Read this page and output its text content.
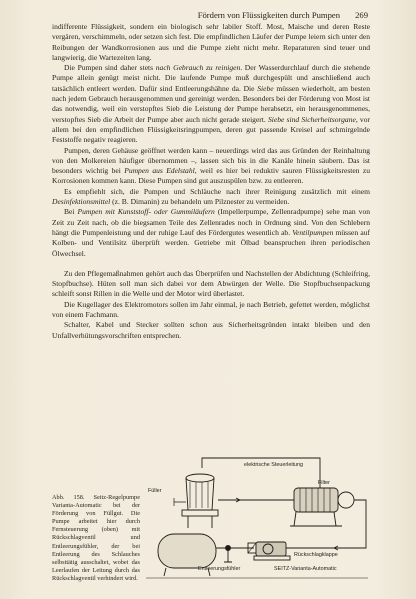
Fördern von Flüssigkeiten durch Pumpen 269

indifferente Flüssigkeit, sondern ein biologisch sehr labiler Stoff. Most, Maische und deren Reste vergären, verschimmeln, oder setzen sich fest. Die empfindlichen Läufer der Pumpe leiern sich unter den Reibungen der Wandkorrosionen aus und die Pumpe zieht nicht mehr. Reparaturen sind teuer und langwierig, die Wartezeiten lang.

Die Pumpen sind daher stets nach Gebrauch zu reinigen. Der Wasserdurchlauf durch die stehende Pumpe allein genügt meist nicht. Die laufende Pumpe muß durchgespült und anschließend auch tatsächlich entleert werden. Dafür sind Entleerungshähne da. Die Siebe müssen wiederholt, am besten nach jedem Gebrauch herausgenommen und gereinigt werden. Besonders bei der Förderung von Most ist das notwendig, weil ein verstopftes Sieb die Leistung der Pumpe herabsetzt, ein herausgenommenes, verstopftes Sieb die Arbeit der Pumpe aber auch nicht gerade steigert. Siebe sind Sicherheitsorgane, vor allem bei den empfindlichen Flüssigkeitsringpumpen, deren gut passende Kreisel auf schmirgelnde Feststoffe negativ reagieren.

Pumpen, deren Gehäuse geöffnet werden kann – neuerdings wird das aus Gründen der Reinhaltung von den Molkereien häufiger übernommen –, lassen sich bis in die Kanäle hinein säubern. Das ist besonders wichtig bei Pumpen aus Edelstahl, weil es hier bei reduktiv sauren Flüssigkeitsresten zu Korrosionen kommen kann. Diese Pumpen sind gut auszuspülen bzw. zu entleeren.

Es empfiehlt sich, die Pumpen und Schläuche nach ihrer Reinigung zusätzlich mit einem Desinfektionsmittel (z. B. Dimanin) zu behandeln um Pilznester zu vermeiden.

Bei Pumpen mit Kunststoff- oder Gummiläufern (Impellerpumpe, Zellenradpumpe) sehe man von Zeit zu Zeit nach, ob die biegsamen Teile des Zellenrades noch in Ordnung sind. Von den Schlebern hängt die Pumpenleistung und der ruhige Lauf des Fördergutes wesentlich ab. Ventilpumpen müssen auf Kolben- und Ventilsitz überprüft werden. Getriebe mit Ölbad beanspruchen ihren periodischen Ölwechsel.

Zu den Pflegemaßnahmen gehört auch das Überprüfen und Nachstellen der Abdichtung (Schleifring, Stopfbuchse). Hüten soll man sich dabei vor dem Abwürgen der Welle. Die Stopfbuchsenpackung schleift sonst Rillen in die Welle und der Motor wird überlastet.

Die Kugellager des Elektromotors sollen im Jahr einmal, je nach Betrieb, gefettet werden, möglichst von einem Fachmann.

Schalter, Kabel und Stecker sollten schon aus Sicherheitsgründen intakt bleiben und den Unfallverhütungsvorschriften entsprechen.

Abb. 158. Seitz-Regelpumpe Varianta-Automatic bei der Förderung von Füllgut. Die Pumpe arbeitet hier durch Fernsteuerung (oben) mit Rückschlagventil und Entleerungsfühler, der bei Entleerung des Schlauches selbsttätig ausschaltet, wobei das Leerlaufen der Leitung durch das Rückschlagventil verhindert wird.
elektrische Steuerleitung
Füller
Filter
Rückschlagklappe
Entleerungsfühler	SEITZ-Varianta-Automatic
